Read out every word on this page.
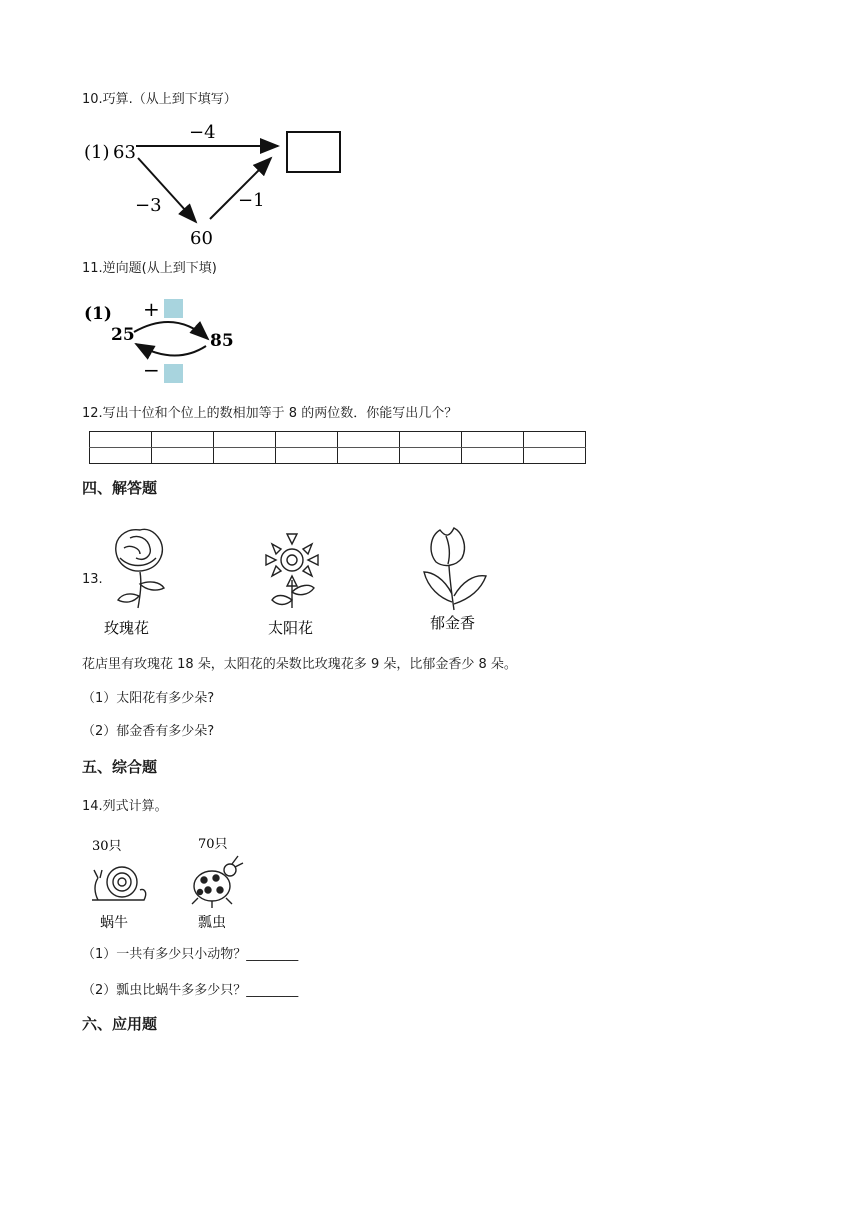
10.巧算.（从上到下填写）
(1) 63
−4
−3	−1
60
11.逆向题(从上到下填)
(1) +
25	85
−
12.写出十位和个位上的数相加等于 8 的两位数．你能写出几个？

四、解答题
13.
玫瑰花	太阳花	郁金香
花店里有玫瑰花 18 朵，太阳花的朵数比玫瑰花多 9 朵，比郁金香少 8 朵。
（1）太阳花有多少朵?
（2）郁金香有多少朵?
五、综合题
14.列式计算。
30只
蜗牛
70只
瓢虫
（1）一共有多少只小动物？________
（2）瓢虫比蜗牛多多少只？________
六、应用题
